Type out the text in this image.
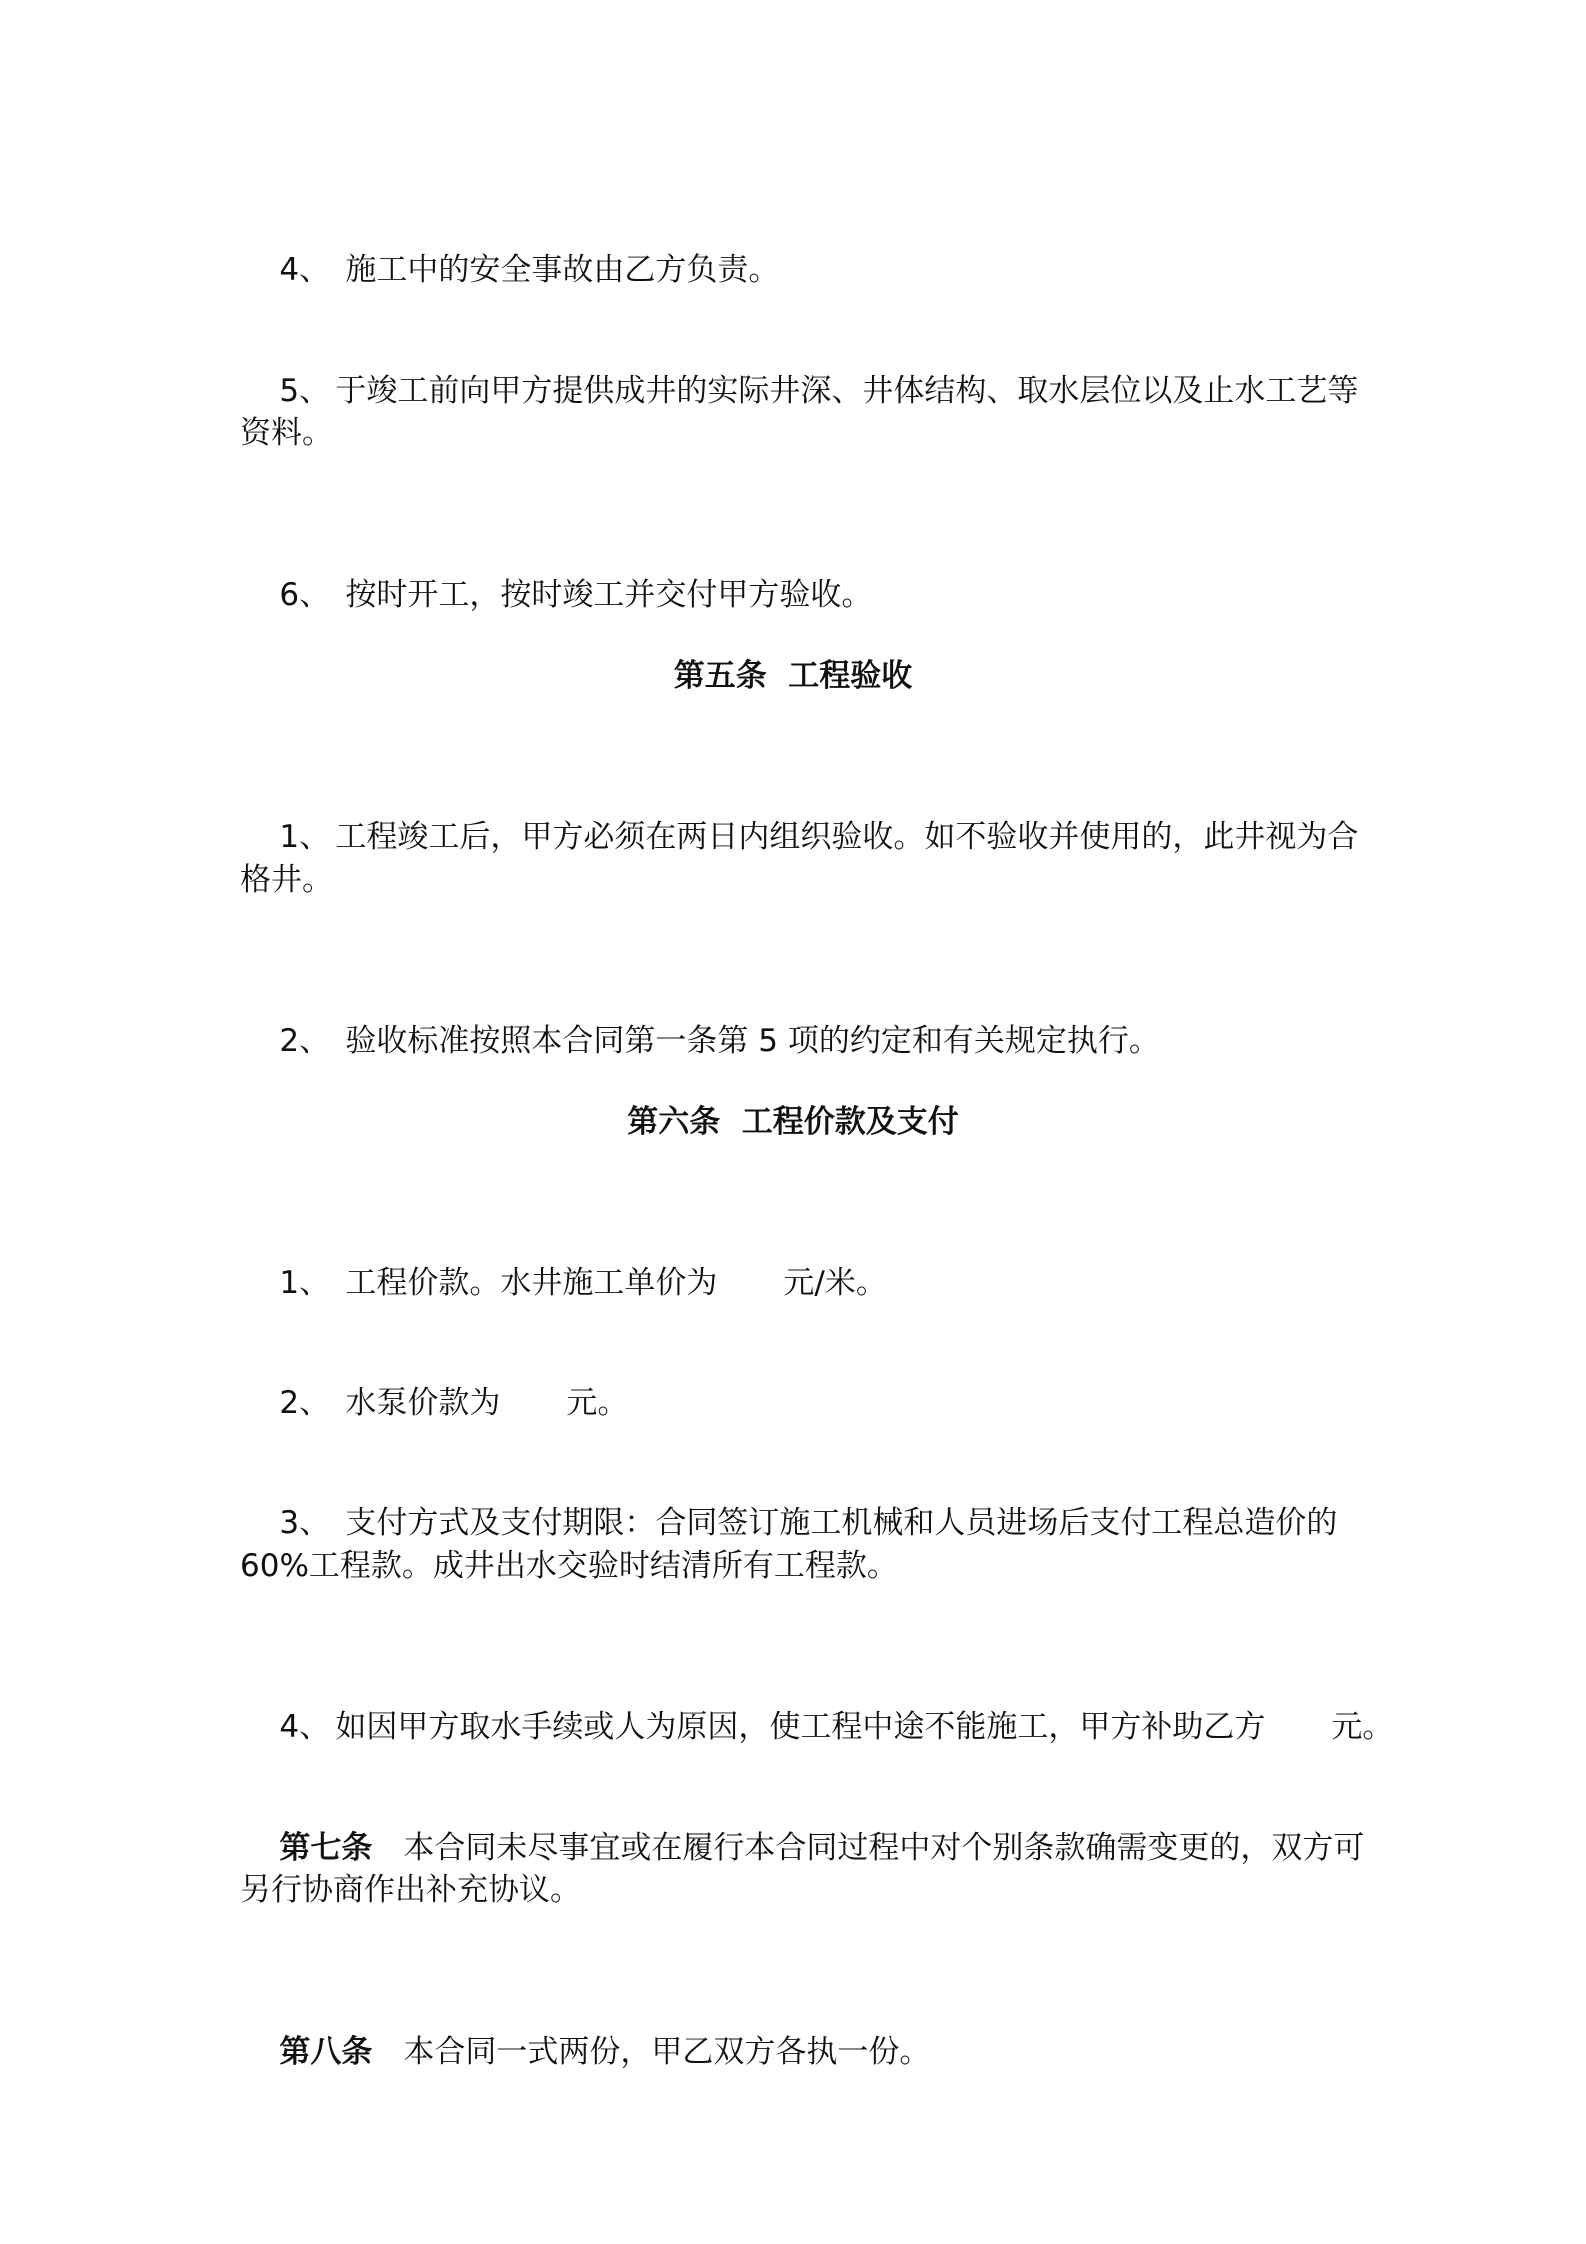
4、 施工中的安全事故由乙方负责。

5、 于竣工前向甲方提供成井的实际井深、井体结构、取水层位以及止水工艺等

资料。

6、 按时开工，按时竣工并交付甲方验收。

第五条  工程验收

1、 工程竣工后，甲方必须在两日内组织验收。如不验收并使用的，此井视为合

格井。

2、 验收标准按照本合同第一条第 5 项的约定和有关规定执行。

第六条  工程价款及支付

1、 工程价款。水井施工单价为 元/米。

2、 水泵价款为 元。

3、 支付方式及支付期限：合同签订施工机械和人员进场后支付工程总造价的

60%工程款。成井出水交验时结清所有工程款。

4、 如因甲方取水手续或人为原因，使工程中途不能施工，甲方补助乙方 元。

第七条 本合同未尽事宜或在履行本合同过程中对个别条款确需变更的，双方可

另行协商作出补充协议。

第八条 本合同一式两份，甲乙双方各执一份。
